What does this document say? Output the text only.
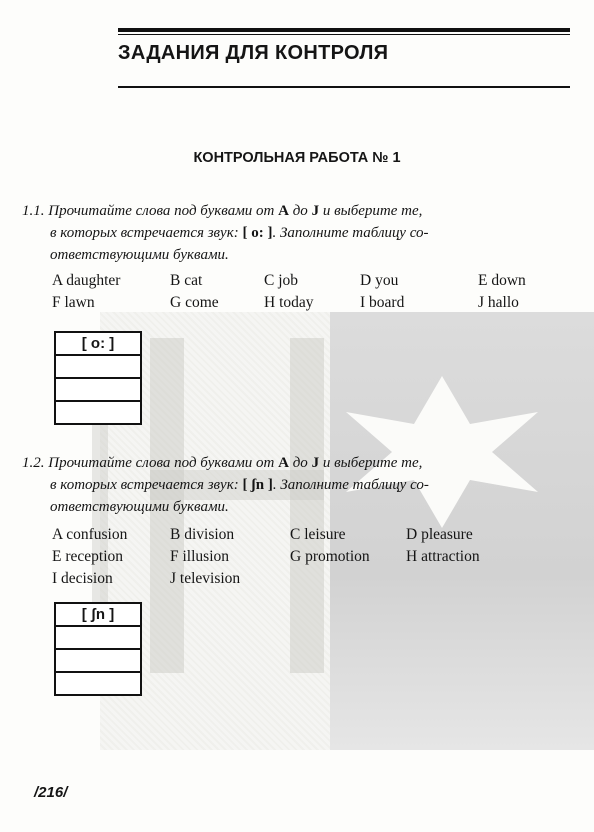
ЗАДАНИЯ ДЛЯ КОНТРОЛЯ
КОНТРОЛЬНАЯ РАБОТА № 1
1.1. Прочитайте слова под буквами от A до J и выберите те,
в которых встречается звук: [ o: ]. Заполните таблицу со-
ответствующими буквами.
A daughter	B cat	C job	D you	E down
F lawn	G come	H today	I board	J hallo
[ o: ]

1.2. Прочитайте слова под буквами от A до J и выберите те,
в которых встречается звук: [ ʃn ]. Заполните таблицу со-
ответствующими буквами.
A confusion	B division	C leisure	D pleasure
E reception	F illusion	G promotion H attraction
I decision	J television
[ ʃn ]

/216/
